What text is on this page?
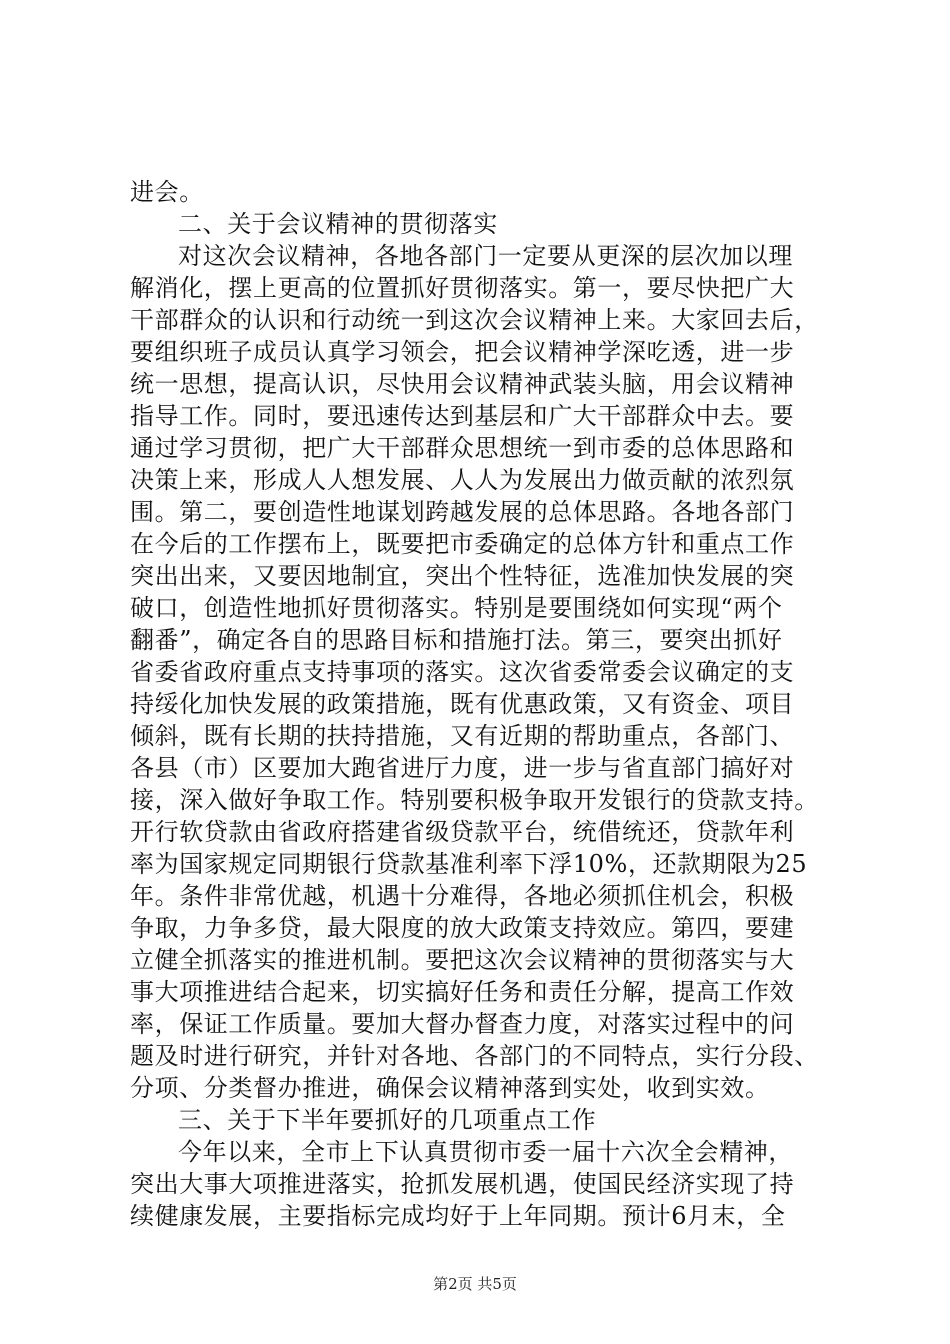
进会。
二、关于会议精神的贯彻落实
对这次会议精神，各地各部门一定要从更深的层次加以理
解消化，摆上更高的位置抓好贯彻落实。第一，要尽快把广大
干部群众的认识和行动统一到这次会议精神上来。大家回去后，
要组织班子成员认真学习领会，把会议精神学深吃透，进一步
统一思想，提高认识，尽快用会议精神武装头脑，用会议精神
指导工作。同时，要迅速传达到基层和广大干部群众中去。要
通过学习贯彻，把广大干部群众思想统一到市委的总体思路和
决策上来，形成人人想发展、人人为发展出力做贡献的浓烈氛
围。第二，要创造性地谋划跨越发展的总体思路。各地各部门
在今后的工作摆布上，既要把市委确定的总体方针和重点工作
突出出来，又要因地制宜，突出个性特征，选准加快发展的突
破口，创造性地抓好贯彻落实。特别是要围绕如何实现“两个
翻番”，确定各自的思路目标和措施打法。第三，要突出抓好
省委省政府重点支持事项的落实。这次省委常委会议确定的支
持绥化加快发展的政策措施，既有优惠政策，又有资金、项目
倾斜，既有长期的扶持措施，又有近期的帮助重点，各部门、
各县（市）区要加大跑省进厅力度，进一步与省直部门搞好对
接，深入做好争取工作。特别要积极争取开发银行的贷款支持。
开行软贷款由省政府搭建省级贷款平台，统借统还，贷款年利
率为国家规定同期银行贷款基准利率下浮10%，还款期限为25
年。条件非常优越，机遇十分难得，各地必须抓住机会，积极
争取，力争多贷，最大限度的放大政策支持效应。第四，要建
立健全抓落实的推进机制。要把这次会议精神的贯彻落实与大
事大项推进结合起来，切实搞好任务和责任分解，提高工作效
率，保证工作质量。要加大督办督查力度，对落实过程中的问
题及时进行研究，并针对各地、各部门的不同特点，实行分段、
分项、分类督办推进，确保会议精神落到实处，收到实效。
三、关于下半年要抓好的几项重点工作
今年以来，全市上下认真贯彻市委一届十六次全会精神，
突出大事大项推进落实，抢抓发展机遇，使国民经济实现了持
续健康发展，主要指标完成均好于上年同期。预计6月末，全
第2页 共5页
